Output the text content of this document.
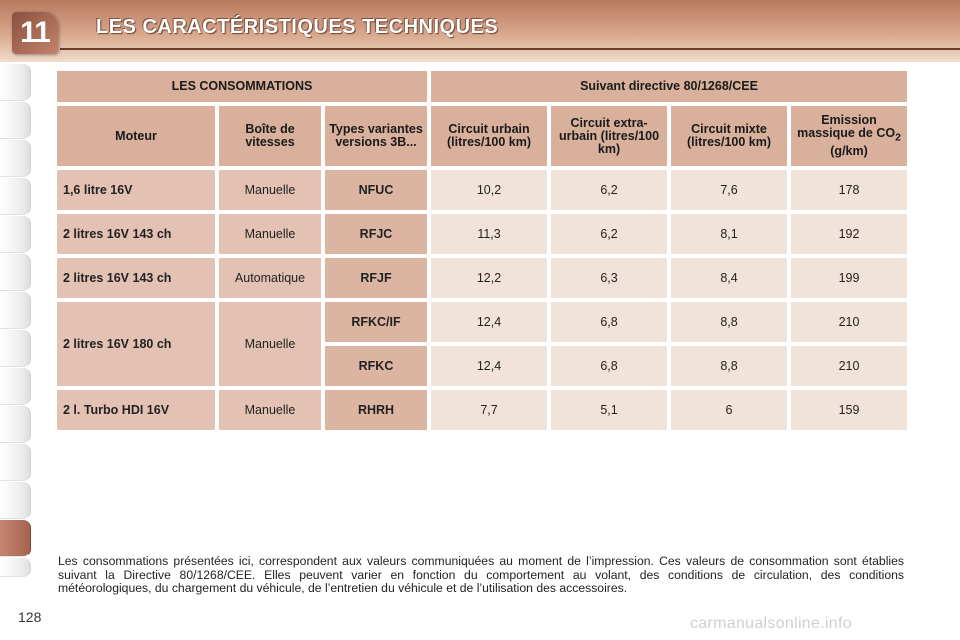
11	LES CARACTÉRISTIQUES TECHNIQUES
LES CONSOMMATIONS			Suivant directive 80/1268/CEE			
Moteur	Boîte de vitesses	Types variantes versions 3B...	Circuit urbain (litres/100 km)	Circuit extra-urbain (litres/100 km)	Circuit mixte (litres/100 km)	Emission massique de $CO_2$ (g/km)
1,6 litre 16V	Manuelle	NFUC	10,2	6,2	7,6	178
2 litres 16V 143 ch	Manuelle	RFJC	11,3	6,2	8,1	192
2 litres 16V 143 ch	Automatique	RFJF	12,2	6,3	8,4	199
2 litres 16V 180 ch	Manuelle	RFKC/IF	12,4	6,8	8,8	210
		RFKC	12,4	6,8	8,8	210
2 l. Turbo HDI 16V	Manuelle	RHRH	7,7	5,1	6	159
Les consommations présentées ici, correspondent aux valeurs communiquées au moment de l’impression. Ces valeurs de consommation sont établies suivant la Directive 80/1268/CEE. Elles peuvent varier en fonction du comportement au volant, des conditions de circulation, des conditions météorologiques, du chargement du véhicule, de l’entretien du véhicule et de l’utilisation des accessoires.
128	carmanualsonline.info
